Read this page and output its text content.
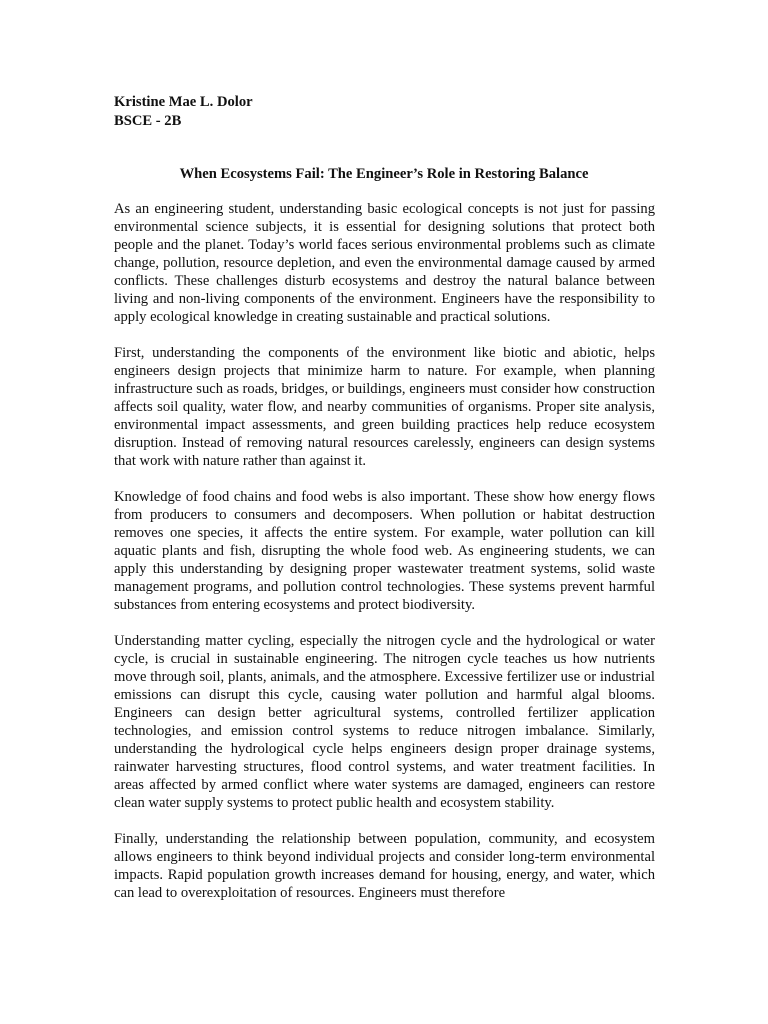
Kristine Mae L. Dolor
BSCE - 2B
When Ecosystems Fail: The Engineer’s Role in Restoring Balance

As an engineering student, understanding basic ecological concepts is not just for passing environmental science subjects, it is essential for designing solutions that protect both people and the planet. Today’s world faces serious environmental problems such as climate change, pollution, resource depletion, and even the environmental damage caused by armed conflicts. These challenges disturb ecosystems and destroy the natural balance between living and non-living components of the environment. Engineers have the responsibility to apply ecological knowledge in creating sustainable and practical solutions.

First, understanding the components of the environment like biotic and abiotic, helps engineers design projects that minimize harm to nature. For example, when planning infrastructure such as roads, bridges, or buildings, engineers must consider how construction affects soil quality, water flow, and nearby communities of organisms. Proper site analysis, environmental impact assessments, and green building practices help reduce ecosystem disruption. Instead of removing natural resources carelessly, engineers can design systems that work with nature rather than against it.

Knowledge of food chains and food webs is also important. These show how energy flows from producers to consumers and decomposers. When pollution or habitat destruction removes one species, it affects the entire system. For example, water pollution can kill aquatic plants and fish, disrupting the whole food web. As engineering students, we can apply this understanding by designing proper wastewater treatment systems, solid waste management programs, and pollution control technologies. These systems prevent harmful substances from entering ecosystems and protect biodiversity.

Understanding matter cycling, especially the nitrogen cycle and the hydrological or water cycle, is crucial in sustainable engineering. The nitrogen cycle teaches us how nutrients move through soil, plants, animals, and the atmosphere. Excessive fertilizer use or industrial emissions can disrupt this cycle, causing water pollution and harmful algal blooms. Engineers can design better agricultural systems, controlled fertilizer application technologies, and emission control systems to reduce nitrogen imbalance. Similarly, understanding the hydrological cycle helps engineers design proper drainage systems, rainwater harvesting structures, flood control systems, and water treatment facilities. In areas affected by armed conflict where water systems are damaged, engineers can restore clean water supply systems to protect public health and ecosystem stability.

Finally, understanding the relationship between population, community, and ecosystem allows engineers to think beyond individual projects and consider long-term environmental impacts. Rapid population growth increases demand for housing, energy, and water, which can lead to overexploitation of resources. Engineers must therefore
